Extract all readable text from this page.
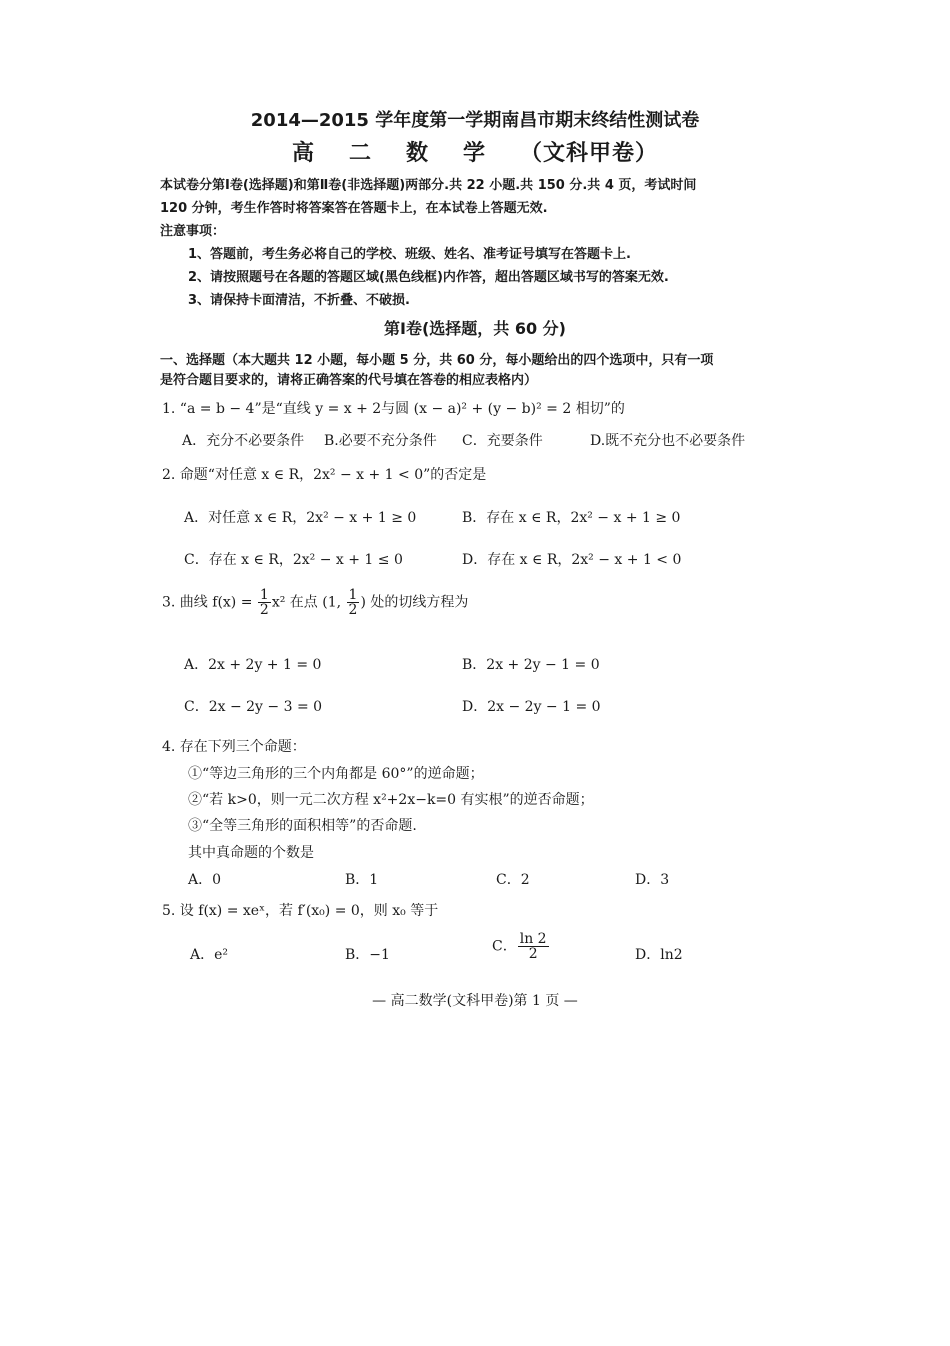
2014—2015 学年度第一学期南昌市期末终结性测试卷
高 二 数 学 （文科甲卷）
本试卷分第Ⅰ卷(选择题)和第Ⅱ卷(非选择题)两部分.共 22 小题.共 150 分.共 4 页，考试时间
120 分钟，考生作答时将答案答在答题卡上，在本试卷上答题无效.
注意事项：
1、答题前，考生务必将自己的学校、班级、姓名、准考证号填写在答题卡上.
2、请按照题号在各题的答题区域(黑色线框)内作答，超出答题区域书写的答案无效.
3、请保持卡面清洁，不折叠、不破损.
第Ⅰ卷(选择题，共 60 分)
一、选择题（本大题共 12 小题，每小题 5 分，共 60 分，每小题给出的四个选项中，只有一项
是符合题目要求的，请将正确答案的代号填在答卷的相应表格内）
1. “a = b − 4”是“直线 y = x + 2与圆 (x − a)² + (y − b)² = 2 相切”的
A．充分不必要条件 B.必要不充分条件 C．充要条件	D.既不充分也不必要条件
2. 命题“对任意 x ∈ R，2x² − x + 1 < 0”的否定是
A．对任意 x ∈ R，2x² − x + 1 ≥ 0	B．存在 x ∈ R，2x² − x + 1 ≥ 0
C．存在 x ∈ R，2x² − x + 1 ≤ 0	D．存在 x ∈ R，2x² − x + 1 < 0
3. 曲线 $f(x) = \frac{1}{2} x^2$ 在点 (1, $\frac{1}{2}$ ) 处的切线方程为
A．2x + 2y + 1 = 0	B．2x + 2y − 1 = 0
C．2x − 2y − 3 = 0	D．2x − 2y − 1 = 0
4. 存在下列三个命题：
①“等边三角形的三个内角都是 60°”的逆命题；
②“若 k>0，则一元二次方程 x²+2x−k=0 有实根”的逆否命题；
③“全等三角形的面积相等”的否命题.
其中真命题的个数是
A．0	B．1	C．2	D．3
5. 设 f(x) = xeˣ，若 f′(x₀) = 0，则 x₀ 等于
A．e²	B．−1
C． $\frac{\ln 2}{2}$	D．ln2
— 高二数学(文科甲卷)第 1 页 —
